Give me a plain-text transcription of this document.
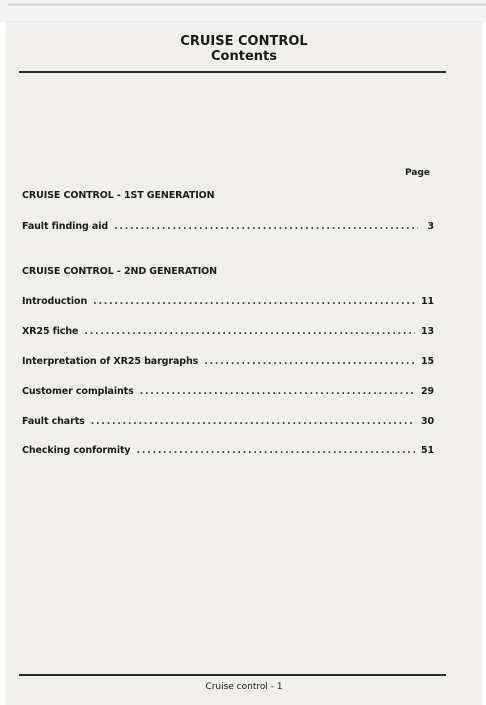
CRUISE CONTROL
Contents
Page
CRUISE CONTROL - 1ST GENERATION
Fault finding aid .....	3
CRUISE CONTROL - 2ND GENERATION
Introduction .....	11
XR25 fiche .....	13
Interpretation of XR25 bargraphs .....	15
Customer complaints .....	29
Fault charts .....	30
Checking conformity .....	51
Cruise control - 1
